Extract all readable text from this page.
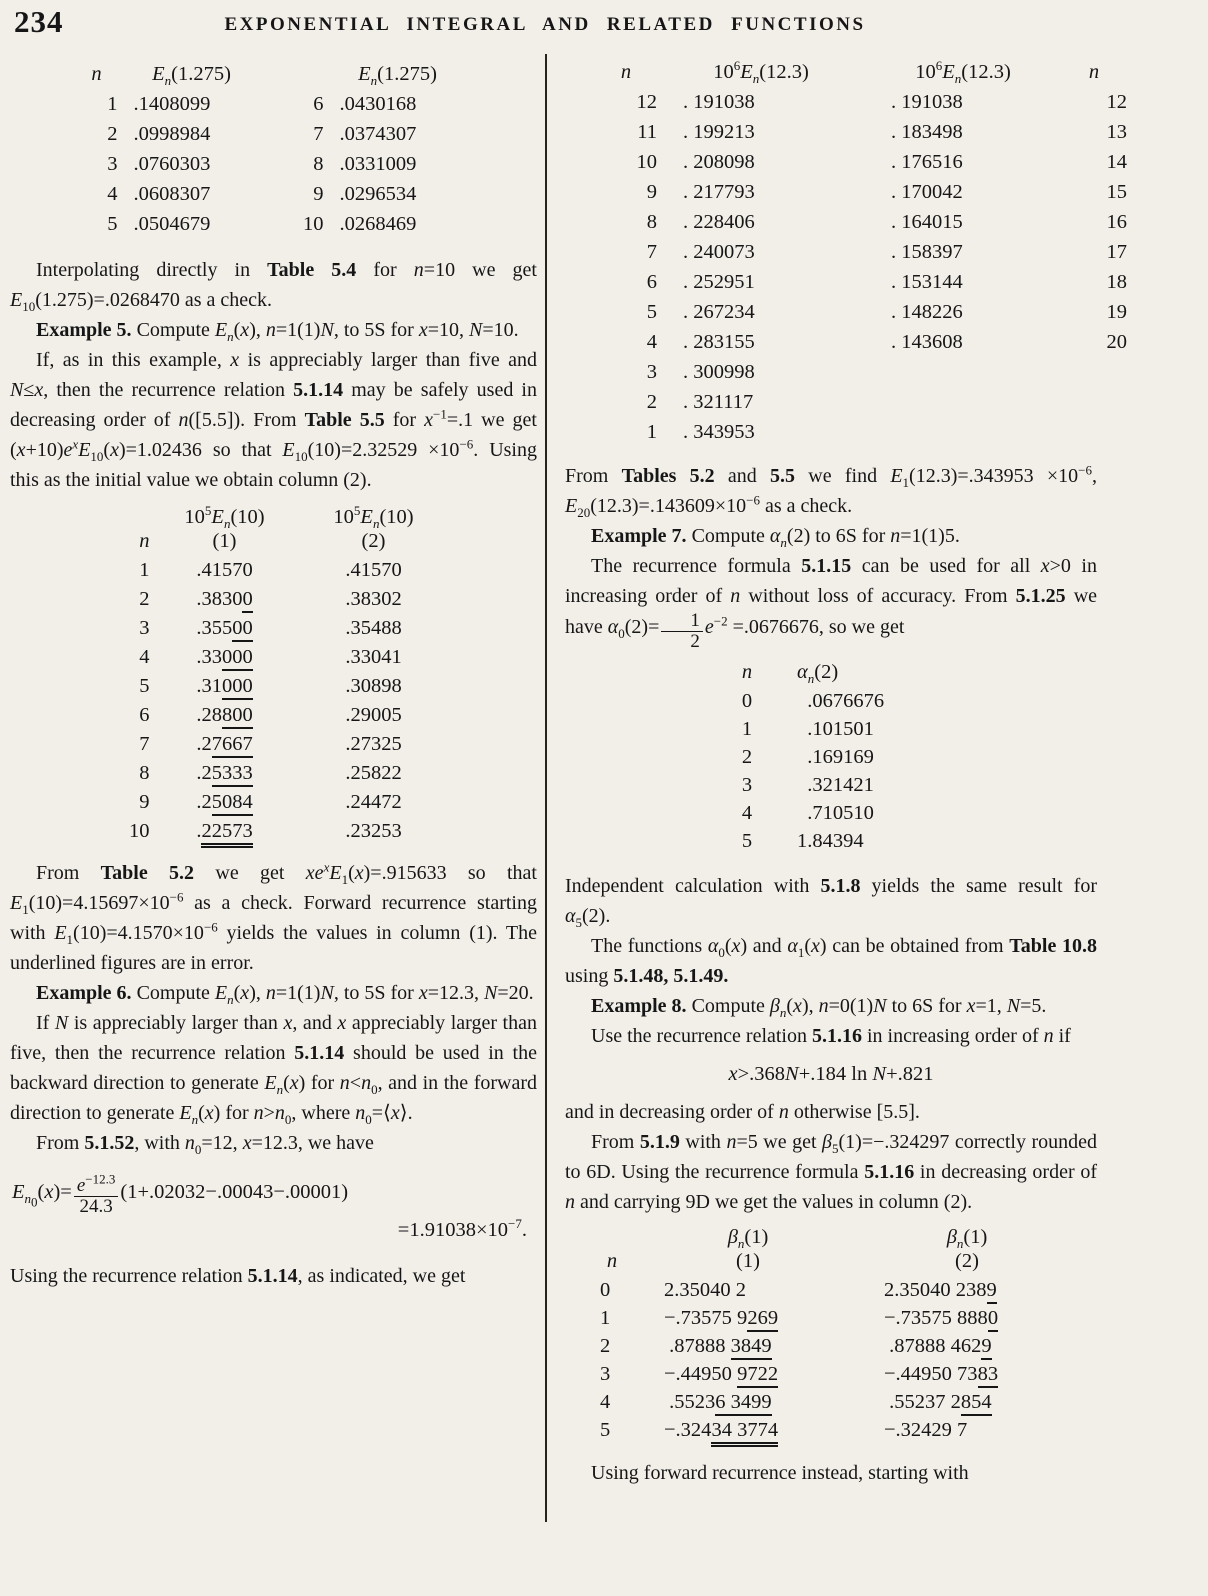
234	EXPONENTIAL INTEGRAL AND RELATED FUNCTIONS
n	$E_n(1.275)$	$E_n(1.275)$
1 .1408099	6 .0430168
2 .0998984	7 .0374307
3 .0760303	8 .0331009
4 .0608307	9 .0296534
5 .0504679	10 .0268469
Interpolating directly in Table 5.4 for n=10 we get $E_{10}(1.275)=.0268470$ as a check.
Example 5. Compute $E_n(x)$, n=1(1)N, to 5S for x=10, N=10.
If, as in this example, x is appreciably larger than five and N≤x, then the recurrence relation 5.1.14 may be safely used in decreasing order of n([5.5]). From Table 5.5 for $x^{-1}=.1$ we get $(x+10)e^xE_{10}(x)=1.02436$ so that $E_{10}(10)=2.32529 \times 10^{-6}$. Using this as the initial value we obtain column (2).
n
$10^5E_n(10)$
(1)
$10^5E_n(10)$
(2)
1	.41570	.41570
2	.38300	.38302
3	.35500	.35488
4	.33000	.33041
5	.31000	.30898
6	.28800	.29005
7	.27667	.27325
8	.25333	.25822
9	.25084	.24472
10	.22573	.23253
From Table 5.2 we get $xe^xE_1(x)=.915633$ so that $E_1(10)=4.15697\times 10^{-6}$ as a check. Forward recurrence starting with $E_1(10)=4.1570\times 10^{-6}$ yields the values in column (1). The underlined figures are in error.
Example 6. Compute $E_n(x)$, n=1(1)N, to 5S for x=12.3, N=20.
If N is appreciably larger than x, and x appreciably larger than five, then the recurrence relation 5.1.14 should be used in the backward direction to generate $E_n(x)$ for $n<n_0$, and in the forward direction to generate $E_n(x)$ for $n>n_0$, where $n_0=⟨x⟩$.
From 5.1.52, with $n_0=12$, x=12.3, we have
$E_{n_0}(x)= \frac{e^{-12.3}}{24.3} (1+.02032-.00043-.00001)$
$=1.91038\times 10^{-7}$.
Using the recurrence relation 5.1.14, as indicated, we get
n	$10^6E_n(12.3)$	$10^6E_n(12.3)$	n
12	. 191038	. 191038	12
11	. 199213	. 183498	13
10	. 208098	. 176516	14
9	. 217793	. 170042	15
8	. 228406	. 164015	16
7	. 240073	. 158397	17
6	. 252951	. 153144	18
5	. 267234	. 148226	19
4	. 283155	. 143608	20
3	. 300998
2	. 321117
1	. 343953
From Tables 5.2 and 5.5 we find $E_1(12.3)=.343953 \times 10^{-6}$, $E_{20}(12.3)=.143609\times 10^{-6}$ as a check.
Example 7. Compute $\alpha_n(2)$ to 6S for n=1(1)5.
The recurrence formula 5.1.15 can be used for all x>0 in increasing order of n without loss of accuracy. From 5.1.25 we have $\alpha_0(2)= \frac{1}{2} e^{-2} =.0676676$, so we get
n	$\alpha_n(2)$
0	.0676676
1	.101501
2	.169169
3	.321421
4	.710510
5	1.84394
Independent calculation with 5.1.8 yields the same result for $\alpha_5(2)$.
The functions $\alpha_0(x)$ and $\alpha_1(x)$ can be obtained from Table 10.8 using 5.1.48, 5.1.49.
Example 8. Compute $\beta_n(x)$, n=0(1)N to 6S for x=1, N=5.
Use the recurrence relation 5.1.16 in increasing order of n if
x>.368N+.184 ln N+.821
and in decreasing order of n otherwise [5.5].
From 5.1.9 with n=5 we get $\beta_5(1)=-.324297$ correctly rounded to 6D. Using the recurrence formula 5.1.16 in decreasing order of n and carrying 9D we get the values in column (2).
n
$\beta_n(1)$
(1)
$\beta_n(1)$
(2)
0	2.35040 2	2.35040 2389
1	−.73575 9269	−.73575 8880
2	.87888 3849	.87888 4629
3	−.44950 9722	−.44950 7383
4	.55236 3499	.55237 2854
5	−.32434 3774	−.32429 7
Using forward recurrence instead, starting with
